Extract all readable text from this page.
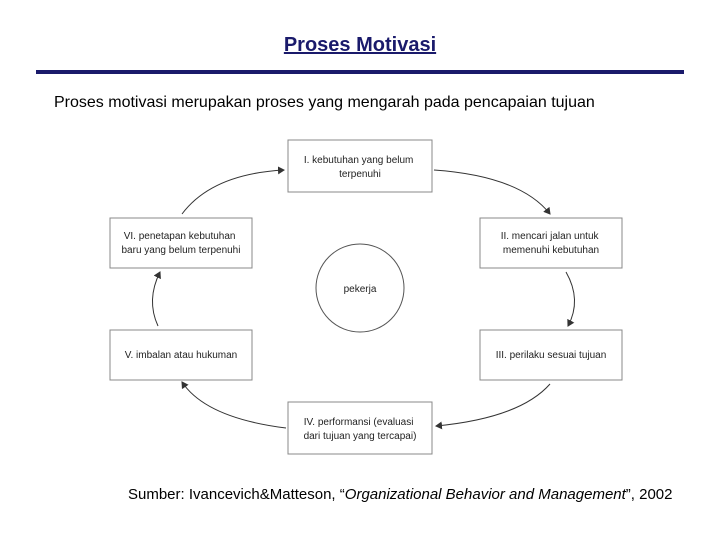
Proses Motivasi
Proses motivasi merupakan proses yang mengarah pada pencapaian tujuan
I. kebutuhan yang belum terpenuhi
II. mencari jalan untuk memenuhi kebutuhan
III. perilaku sesuai tujuan
IV. performansi (evaluasi dari tujuan yang tercapai)
V. imbalan atau hukuman
VI. penetapan kebutuhan baru yang belum terpenuhi
pekerja
Sumber: Ivancevich&Matteson, “Organizational Behavior and Management”, 2002
